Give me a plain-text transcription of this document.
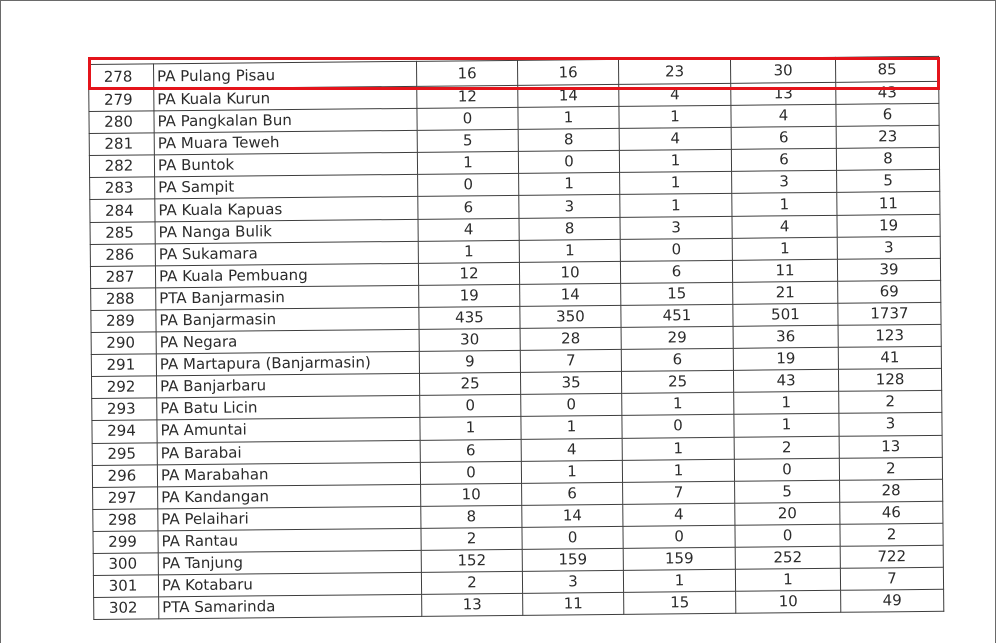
278	PA Pulang Pisau	16	16	23	30	85
279	PA Kuala Kurun	12	14	4	13	43
280	PA Pangkalan Bun	0	1	1	4	6
281	PA Muara Teweh	5	8	4	6	23
282	PA Buntok	1	0	1	6	8
283	PA Sampit	0	1	1	3	5
284	PA Kuala Kapuas	6	3	1	1	11
285	PA Nanga Bulik	4	8	3	4	19
286	PA Sukamara	1	1	0	1	3
287	PA Kuala Pembuang	12	10	6	11	39
288	PTA Banjarmasin	19	14	15	21	69
289	PA Banjarmasin	435	350	451	501	1737
290	PA Negara	30	28	29	36	123
291	PA Martapura (Banjarmasin)	9	7	6	19	41
292	PA Banjarbaru	25	35	25	43	128
293	PA Batu Licin	0	0	1	1	2
294	PA Amuntai	1	1	0	1	3
295	PA Barabai	6	4	1	2	13
296	PA Marabahan	0	1	1	0	2
297	PA Kandangan	10	6	7	5	28
298	PA Pelaihari	8	14	4	20	46
299	PA Rantau	2	0	0	0	2
300	PA Tanjung	152	159	159	252	722
301	PA Kotabaru	2	3	1	1	7
302	PTA Samarinda	13	11	15	10	49
